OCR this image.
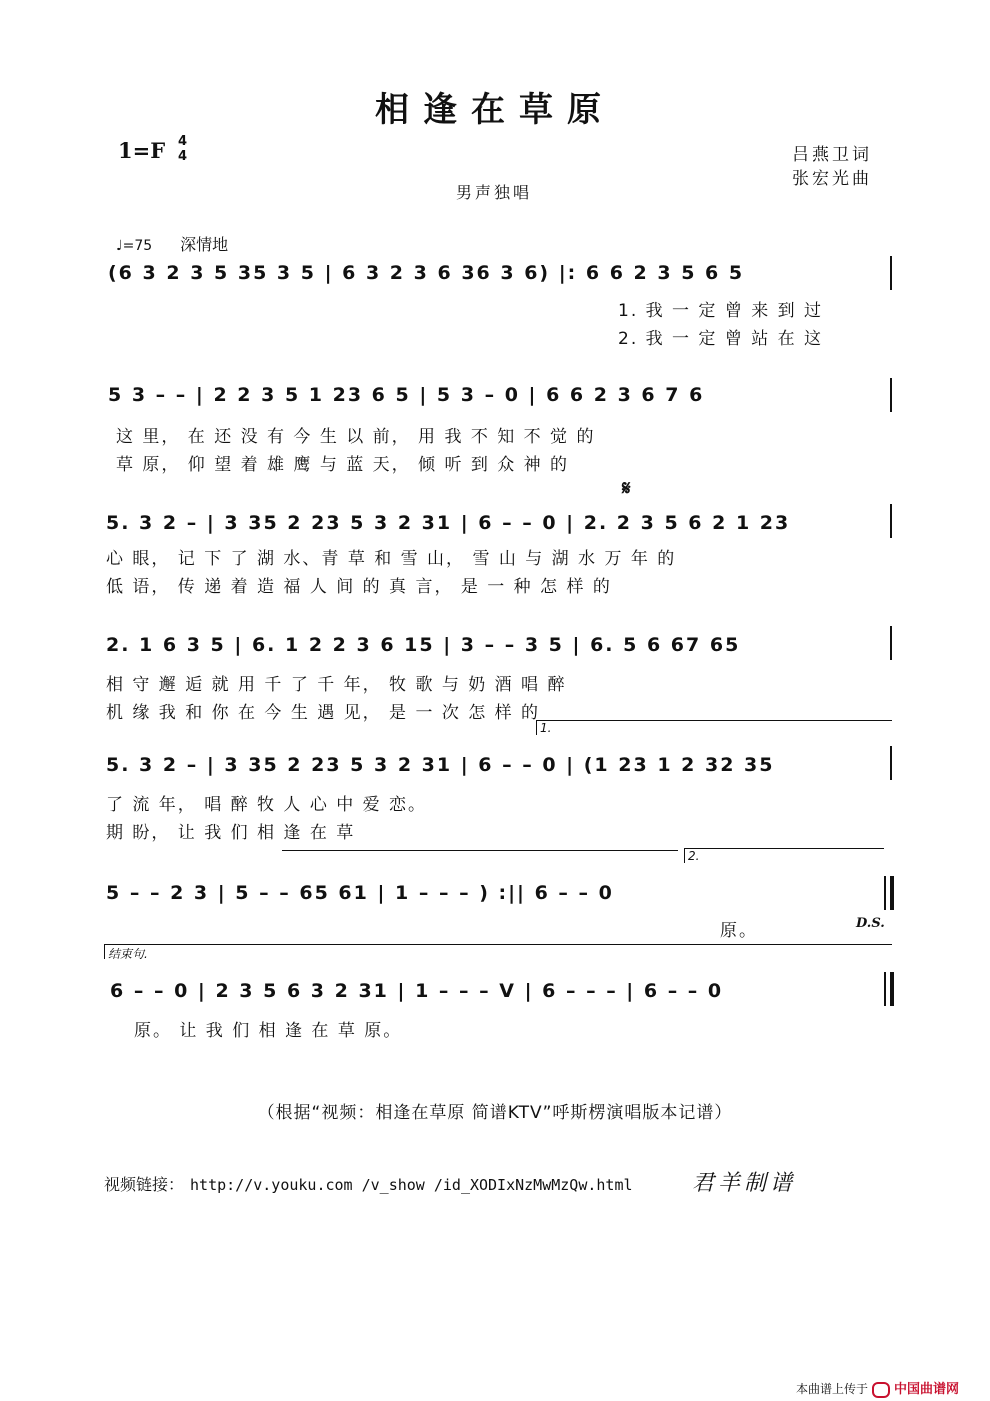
相逢在草原
1=F 4
4	吕燕卫词
张宏光曲
男声独唱
♩=75 深情地
(6 3 2 3 5 35 3 5 | 6 3 2 3 6 36 3 6) |: 6 6 2 3 5 6 5
1. 我 一 定 曾 来 到 过
2. 我 一 定 曾 站 在 这
5 3 – – | 2 2 3 5 1 23 6 5 | 5 3 – 0 | 6 6 2 3 6 7 6
这 里， 在 还 没 有 今 生 以 前， 用 我 不 知 不 觉 的
草 原， 仰 望 着 雄 鹰 与 蓝 天， 倾 听 到 众 神 的
𝄋
5. 3 2 – | 3 35 2 23 5 3 2 31 | 6 – – 0 | 2. 2 3 5 6 2 1 23
心 眼， 记 下 了 湖 水、青 草 和 雪 山， 雪 山 与 湖 水 万 年 的
低 语， 传 递 着 造 福 人 间 的 真 言， 是 一 种 怎 样 的
2. 1 6 3 5 | 6. 1 2 2 3 6 15 | 3 – – 3 5 | 6. 5 6 67 65
相 守 邂 逅 就 用 千 了 千 年， 牧 歌 与 奶 酒 唱 醉
机 缘 我 和 你 在 今 生 遇 见， 是 一 次 怎 样 的
1.
5. 3 2 – | 3 35 2 23 5 3 2 31 | 6 – – 0 | (1 23 1 2 32 35
了 流 年， 唱 醉 牧 人 心 中 爱 恋。
期 盼， 让 我 们 相 逢 在 草
2.
5 – – 2 3 | 5 – – 65 61 | 1 – – – ) :|| 6 – – 0
原。	D.S.
结束句.
6 – – 0 | 2 3 5 6 3 2 31 | 1 – – – V | 6 – – – | 6 – – 0
原。 让 我 们 相 逢 在 草 原。
（根据“视频：相逢在草原 简谱KTV”呼斯楞演唱版本记谱）
视频链接： http://v.youku.com /v_show /id_XODIxNzMwMzQw.html	君羊制谱
本曲谱上传于 中国曲谱网
